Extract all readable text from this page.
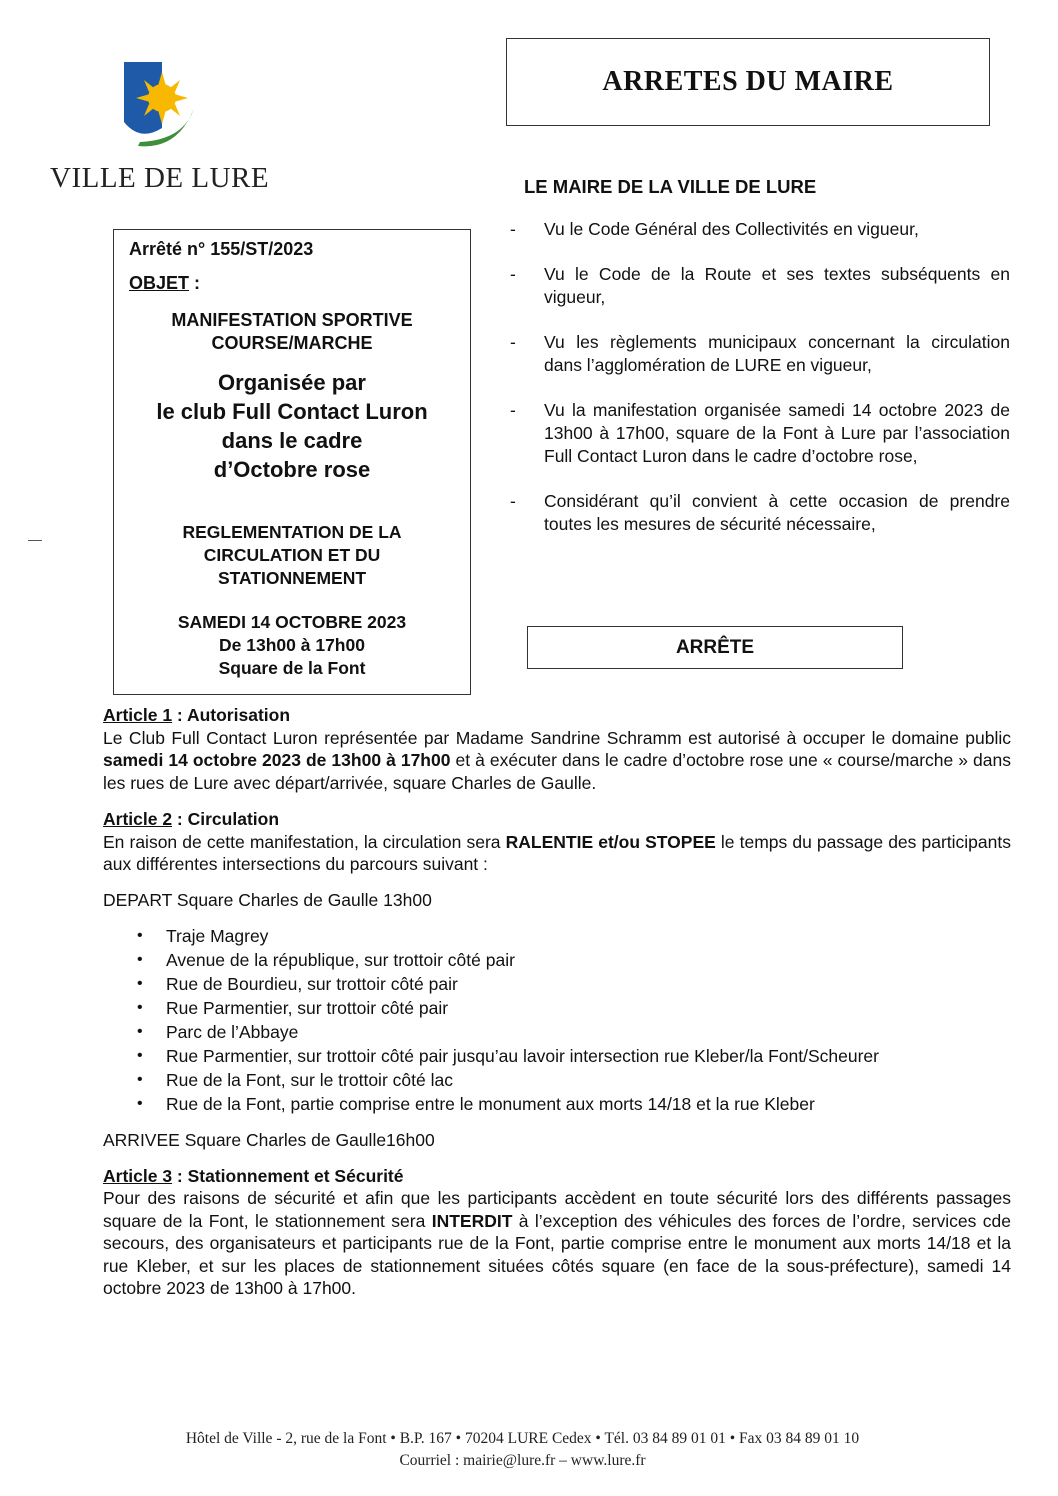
VILLE DE LURE
ARRETES DU MAIRE
LE MAIRE DE LA VILLE DE LURE
Arrêté n° 155/ST/2023
OBJET :
MANIFESTATION SPORTIVE
COURSE/MARCHE
Organisée par
le club Full Contact Luron
dans le cadre
d’Octobre rose
REGLEMENTATION DE LA
CIRCULATION ET DU
STATIONNEMENT
SAMEDI 14 OCTOBRE 2023
De 13h00 à 17h00
Square de la Font
- Vu le Code Général des Collectivités en vigueur,
- Vu le Code de la Route et ses textes subséquents en vigueur,
- Vu les règlements municipaux concernant la circulation dans l’agglomération de LURE en vigueur,
- Vu la manifestation organisée samedi 14 octobre 2023 de 13h00 à 17h00, square de la Font à Lure par l’association Full Contact Luron dans le cadre d’octobre rose,
- Considérant qu’il convient à cette occasion de prendre toutes les mesures de sécurité nécessaire,
ARRÊTE
Article 1 : Autorisation

Le Club Full Contact Luron représentée par Madame Sandrine Schramm est autorisé à occuper le domaine public samedi 14 octobre 2023 de 13h00 à 17h00 et à exécuter dans le cadre d’octobre rose une « course/marche » dans les rues de Lure avec départ/arrivée, square Charles de Gaulle.

Article 2 : Circulation

En raison de cette manifestation, la circulation sera RALENTIE et/ou STOPEE le temps du passage des participants aux différentes intersections du parcours suivant :

DEPART Square Charles de Gaulle 13h00

• Traje Magrey
• Avenue de la république, sur trottoir côté pair
• Rue de Bourdieu, sur trottoir côté pair
• Rue Parmentier, sur trottoir côté pair
• Parc de l’Abbaye
• Rue Parmentier, sur trottoir côté pair jusqu’au lavoir intersection rue Kleber/la Font/Scheurer
• Rue de la Font, sur le trottoir côté lac
• Rue de la Font, partie comprise entre le monument aux morts 14/18 et la rue Kleber

ARRIVEE Square Charles de Gaulle16h00

Article 3 : Stationnement et Sécurité

Pour des raisons de sécurité et afin que les participants accèdent en toute sécurité lors des différents passages square de la Font, le stationnement sera INTERDIT à l’exception des véhicules des forces de l’ordre, services cde secours, des organisateurs et participants rue de la Font, partie comprise entre le monument aux morts 14/18 et la rue Kleber, et sur les places de stationnement situées côtés square (en face de la sous-préfecture), samedi 14 octobre 2023 de 13h00 à 17h00.

Hôtel de Ville - 2, rue de la Font • B.P. 167 • 70204 LURE Cedex • Tél. 03 84 89 01 01 • Fax 03 84 89 01 10
Courriel : mairie@lure.fr – www.lure.fr
